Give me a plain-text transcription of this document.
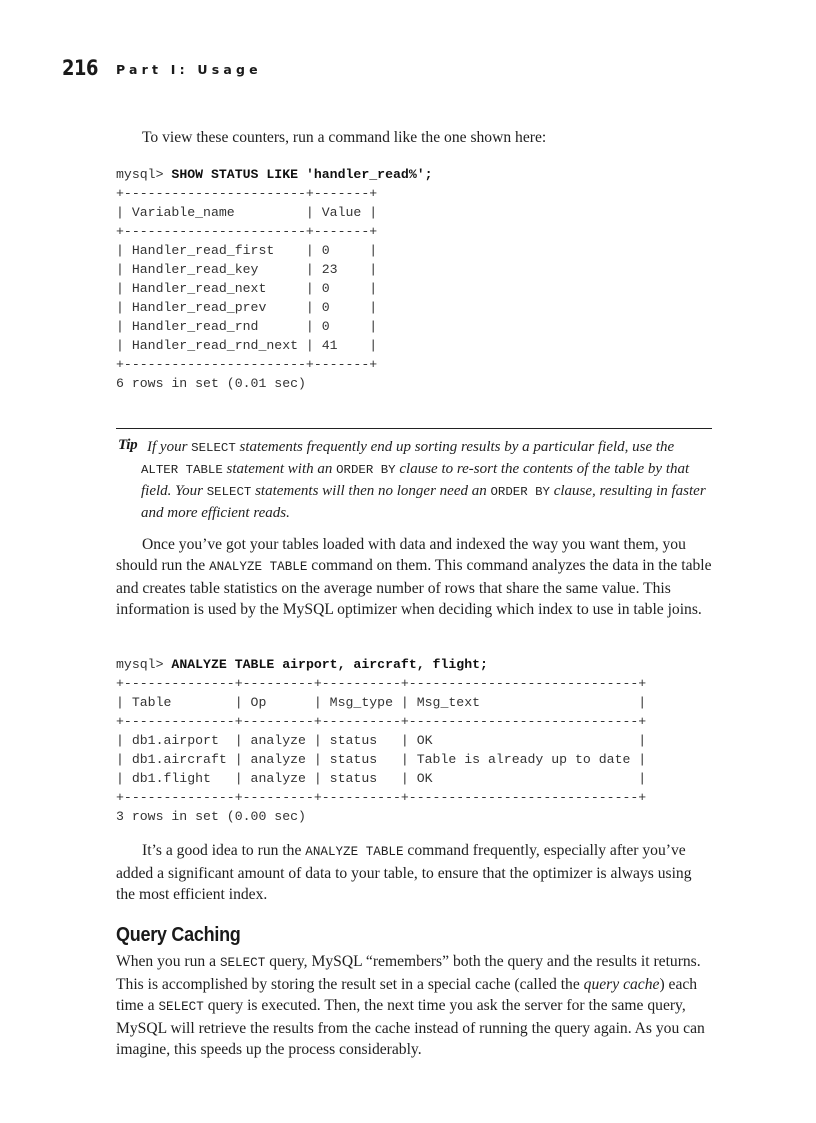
216 Part I: Usage

To view these counters, run a command like the one shown here:

mysql> SHOW STATUS LIKE 'handler_read%';
+-----------------------+-------+
| Variable_name         | Value |
+-----------------------+-------+
| Handler_read_first    | 0     |
| Handler_read_key      | 23    |
| Handler_read_next     | 0     |
| Handler_read_prev     | 0     |
| Handler_read_rnd      | 0     |
| Handler_read_rnd_next | 41    |
+-----------------------+-------+
6 rows in set (0.01 sec)
Tip If your SELECT statements frequently end up sorting results by a particular field, use the ALTER TABLE statement with an ORDER BY clause to re-sort the contents of the table by that field. Your SELECT statements will then no longer need an ORDER BY clause, resulting in faster and more efficient reads.

Once you’ve got your tables loaded with data and indexed the way you want them, you should run the ANALYZE TABLE command on them. This command analyzes the data in the table and creates table statistics on the average number of rows that share the same value. This information is used by the MySQL optimizer when deciding which index to use in table joins.

mysql> ANALYZE TABLE airport, aircraft, flight;
+--------------+---------+----------+-----------------------------+
| Table        | Op      | Msg_type | Msg_text                    |
+--------------+---------+----------+-----------------------------+
| db1.airport  | analyze | status   | OK                          |
| db1.aircraft | analyze | status   | Table is already up to date |
| db1.flight   | analyze | status   | OK                          |
+--------------+---------+----------+-----------------------------+
3 rows in set (0.00 sec)

It’s a good idea to run the ANALYZE TABLE command frequently, especially after you’ve added a significant amount of data to your table, to ensure that the optimizer is always using the most efficient index.

Query Caching

When you run a SELECT query, MySQL “remembers” both the query and the results it returns. This is accomplished by storing the result set in a special cache (called the query cache) each time a SELECT query is executed. Then, the next time you ask the server for the same query, MySQL will retrieve the results from the cache instead of running the query again. As you can imagine, this speeds up the process considerably.
